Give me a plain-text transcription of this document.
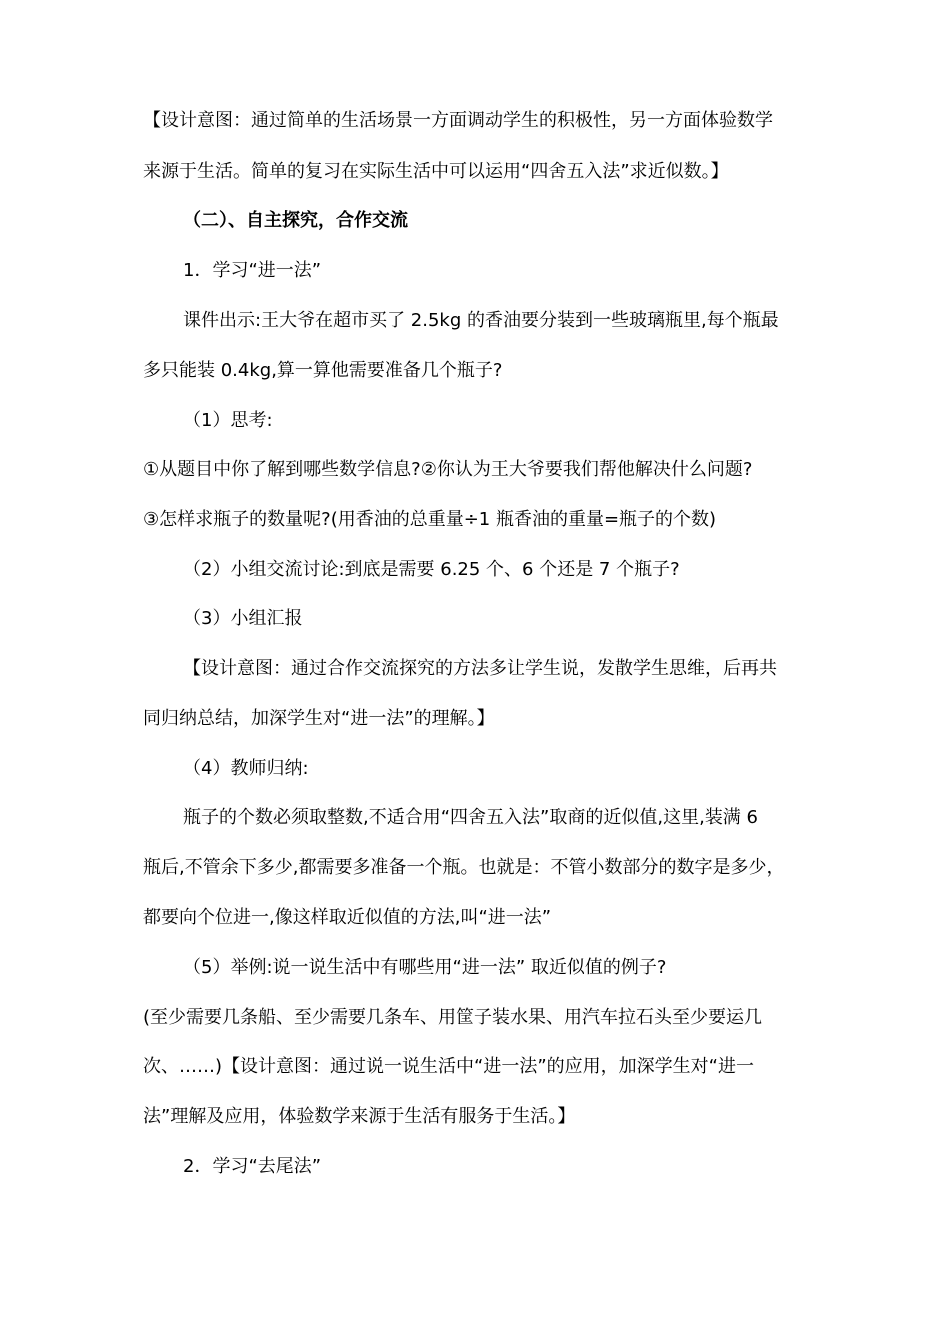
【设计意图：通过简单的生活场景一方面调动学生的积极性，另一方面体验数学
来源于生活。简单的复习在实际生活中可以运用“四舍五入法”求近似数。】
（二）、自主探究，合作交流
1．学习“进一法”
课件出示:王大爷在超市买了 2.5kg 的香油要分装到一些玻璃瓶里,每个瓶最
多只能装 0.4kg,算一算他需要准备几个瓶子?
（1）思考:
①从题目中你了解到哪些数学信息?②你认为王大爷要我们帮他解决什么问题?
③怎样求瓶子的数量呢?(用香油的总重量÷1 瓶香油的重量=瓶子的个数)
（2）小组交流讨论:到底是需要 6.25 个、6 个还是 7 个瓶子?
（3）小组汇报
【设计意图：通过合作交流探究的方法多让学生说，发散学生思维，后再共
同归纳总结，加深学生对“进一法”的理解。】
（4）教师归纳:
瓶子的个数必须取整数,不适合用“四舍五入法”取商的近似值,这里,装满 6
瓶后,不管余下多少,都需要多准备一个瓶。也就是：不管小数部分的数字是多少，
都要向个位进一,像这样取近似值的方法,叫“进一法”
（5）举例:说一说生活中有哪些用“进一法” 取近似值的例子?
(至少需要几条船、至少需要几条车、用筐子装水果、用汽车拉石头至少要运几
次、……)【设计意图：通过说一说生活中“进一法”的应用，加深学生对“进一
法”理解及应用，体验数学来源于生活有服务于生活。】
2．学习“去尾法”
